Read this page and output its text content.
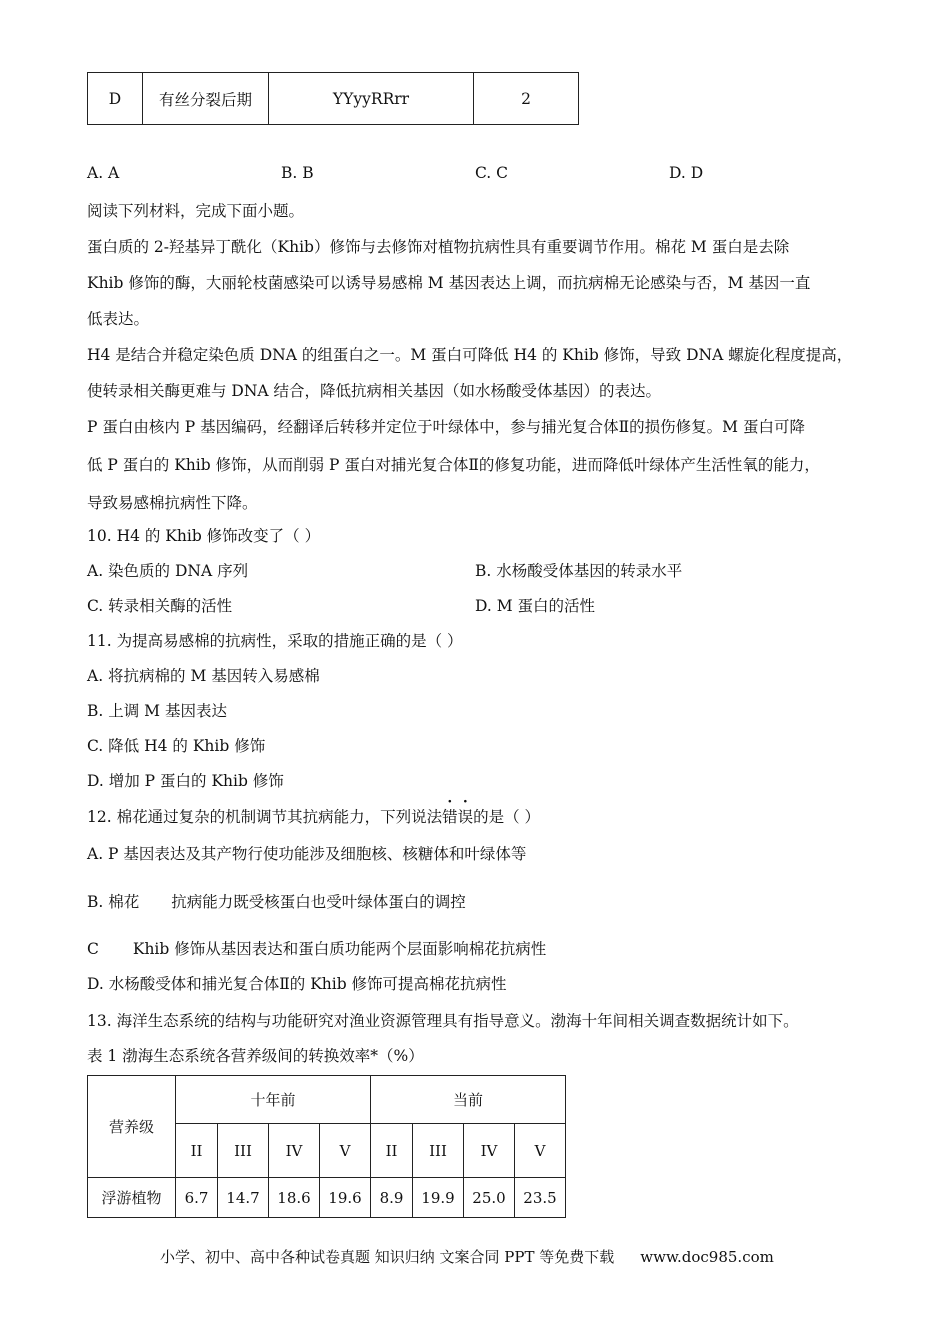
D	有丝分裂后期	YYyyRRrr	2
A. A	B. B	C. C	D. D
阅读下列材料，完成下面小题。
蛋白质的 2-羟基异丁酰化（Khib）修饰与去修饰对植物抗病性具有重要调节作用。棉花 M 蛋白是去除
Khib 修饰的酶，大丽轮枝菌感染可以诱导易感棉 M 基因表达上调，而抗病棉无论感染与否，M 基因一直
低表达。
H4 是结合并稳定染色质 DNA 的组蛋白之一。M 蛋白可降低 H4 的 Khib 修饰，导致 DNA 螺旋化程度提高，
使转录相关酶更难与 DNA 结合，降低抗病相关基因（如水杨酸受体基因）的表达。
P 蛋白由核内 P 基因编码，经翻译后转移并定位于叶绿体中，参与捕光复合体Ⅱ的损伤修复。M 蛋白可降
低 P 蛋白的 Khib 修饰，从而削弱 P 蛋白对捕光复合体Ⅱ的修复功能，进而降低叶绿体产生活性氧的能力，
导致易感棉抗病性下降。
10. H4 的 Khib 修饰改变了（ ）
A. 染色质的 DNA 序列	B. 水杨酸受体基因的转录水平
C. 转录相关酶的活性	D. M 蛋白的活性
11. 为提高易感棉的抗病性，采取的措施正确的是（ ）
A. 将抗病棉的 M 基因转入易感棉
B. 上调 M 基因表达
C. 降低 H4 的 Khib 修饰
D. 增加 P 蛋白的 Khib 修饰
12. 棉花通过复杂的机制调节其抗病能力，下列说法错误的是（ ）
A. P 基因表达及其产物行使功能涉及细胞核、核糖体和叶绿体等
B. 棉花 抗病能力既受核蛋白也受叶绿体蛋白的调控
C Khib 修饰从基因表达和蛋白质功能两个层面影响棉花抗病性
D. 水杨酸受体和捕光复合体Ⅱ的 Khib 修饰可提高棉花抗病性
13. 海洋生态系统的结构与功能研究对渔业资源管理具有指导意义。渤海十年间相关调查数据统计如下。
表 1 渤海生态系统各营养级间的转换效率*（%）
营养级	十年前				当前			
	II	III	IV	V	II	III	IV	V
浮游植物	6.7	14.7	18.6	19.6	8.9	19.9	25.0	23.5
小学、初中、高中各种试卷真题 知识归纳 文案合同 PPT 等免费下载 www.doc985.com
